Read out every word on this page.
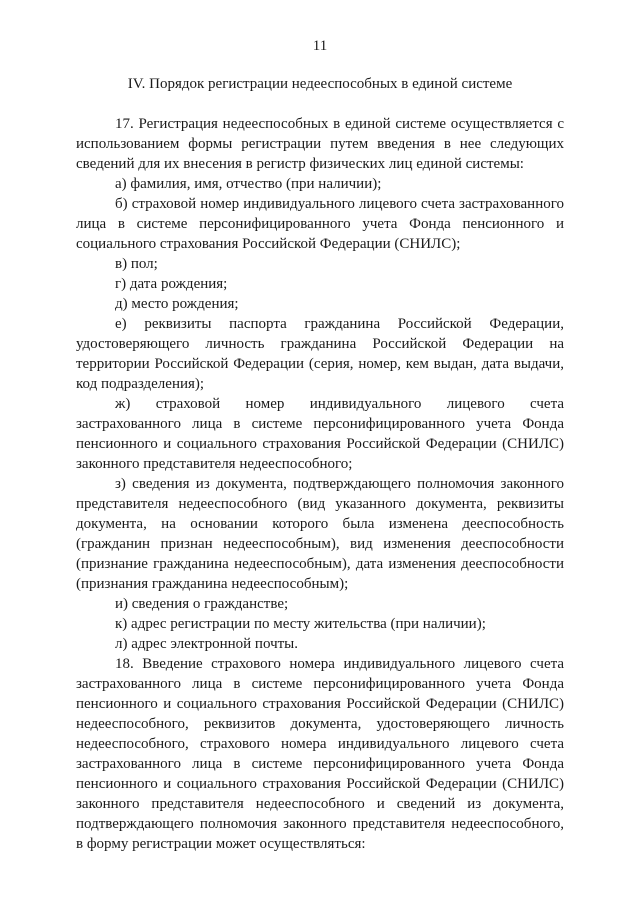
11
IV. Порядок регистрации недееспособных в единой системе

17. Регистрация недееспособных в единой системе осуществляется с использованием формы регистрации путем введения в нее следующих сведений для их внесения в регистр физических лиц единой системы:

а) фамилия, имя, отчество (при наличии);

б) страховой номер индивидуального лицевого счета застрахованного лица в системе персонифицированного учета Фонда пенсионного и социального страхования Российской Федерации (СНИЛС);

в) пол;

г) дата рождения;

д) место рождения;

е) реквизиты паспорта гражданина Российской Федерации, удостоверяющего личность гражданина Российской Федерации на территории Российской Федерации (серия, номер, кем выдан, дата выдачи, код подразделения);

ж) страховой номер индивидуального лицевого счета застрахованного лица в системе персонифицированного учета Фонда пенсионного и социального страхования Российской Федерации (СНИЛС) законного представителя недееспособного;

з) сведения из документа, подтверждающего полномочия законного представителя недееспособного (вид указанного документа, реквизиты документа, на основании которого была изменена дееспособность (гражданин признан недееспособным), вид изменения дееспособности (признание гражданина недееспособным), дата изменения дееспособности (признания гражданина недееспособным);

и) сведения о гражданстве;

к) адрес регистрации по месту жительства (при наличии);

л) адрес электронной почты.

18. Введение страхового номера индивидуального лицевого счета застрахованного лица в системе персонифицированного учета Фонда пенсионного и социального страхования Российской Федерации (СНИЛС) недееспособного, реквизитов документа, удостоверяющего личность недееспособного, страхового номера индивидуального лицевого счета застрахованного лица в системе персонифицированного учета Фонда пенсионного и социального страхования Российской Федерации (СНИЛС) законного представителя недееспособного и сведений из документа, подтверждающего полномочия законного представителя недееспособного, в форму регистрации может осуществляться:
